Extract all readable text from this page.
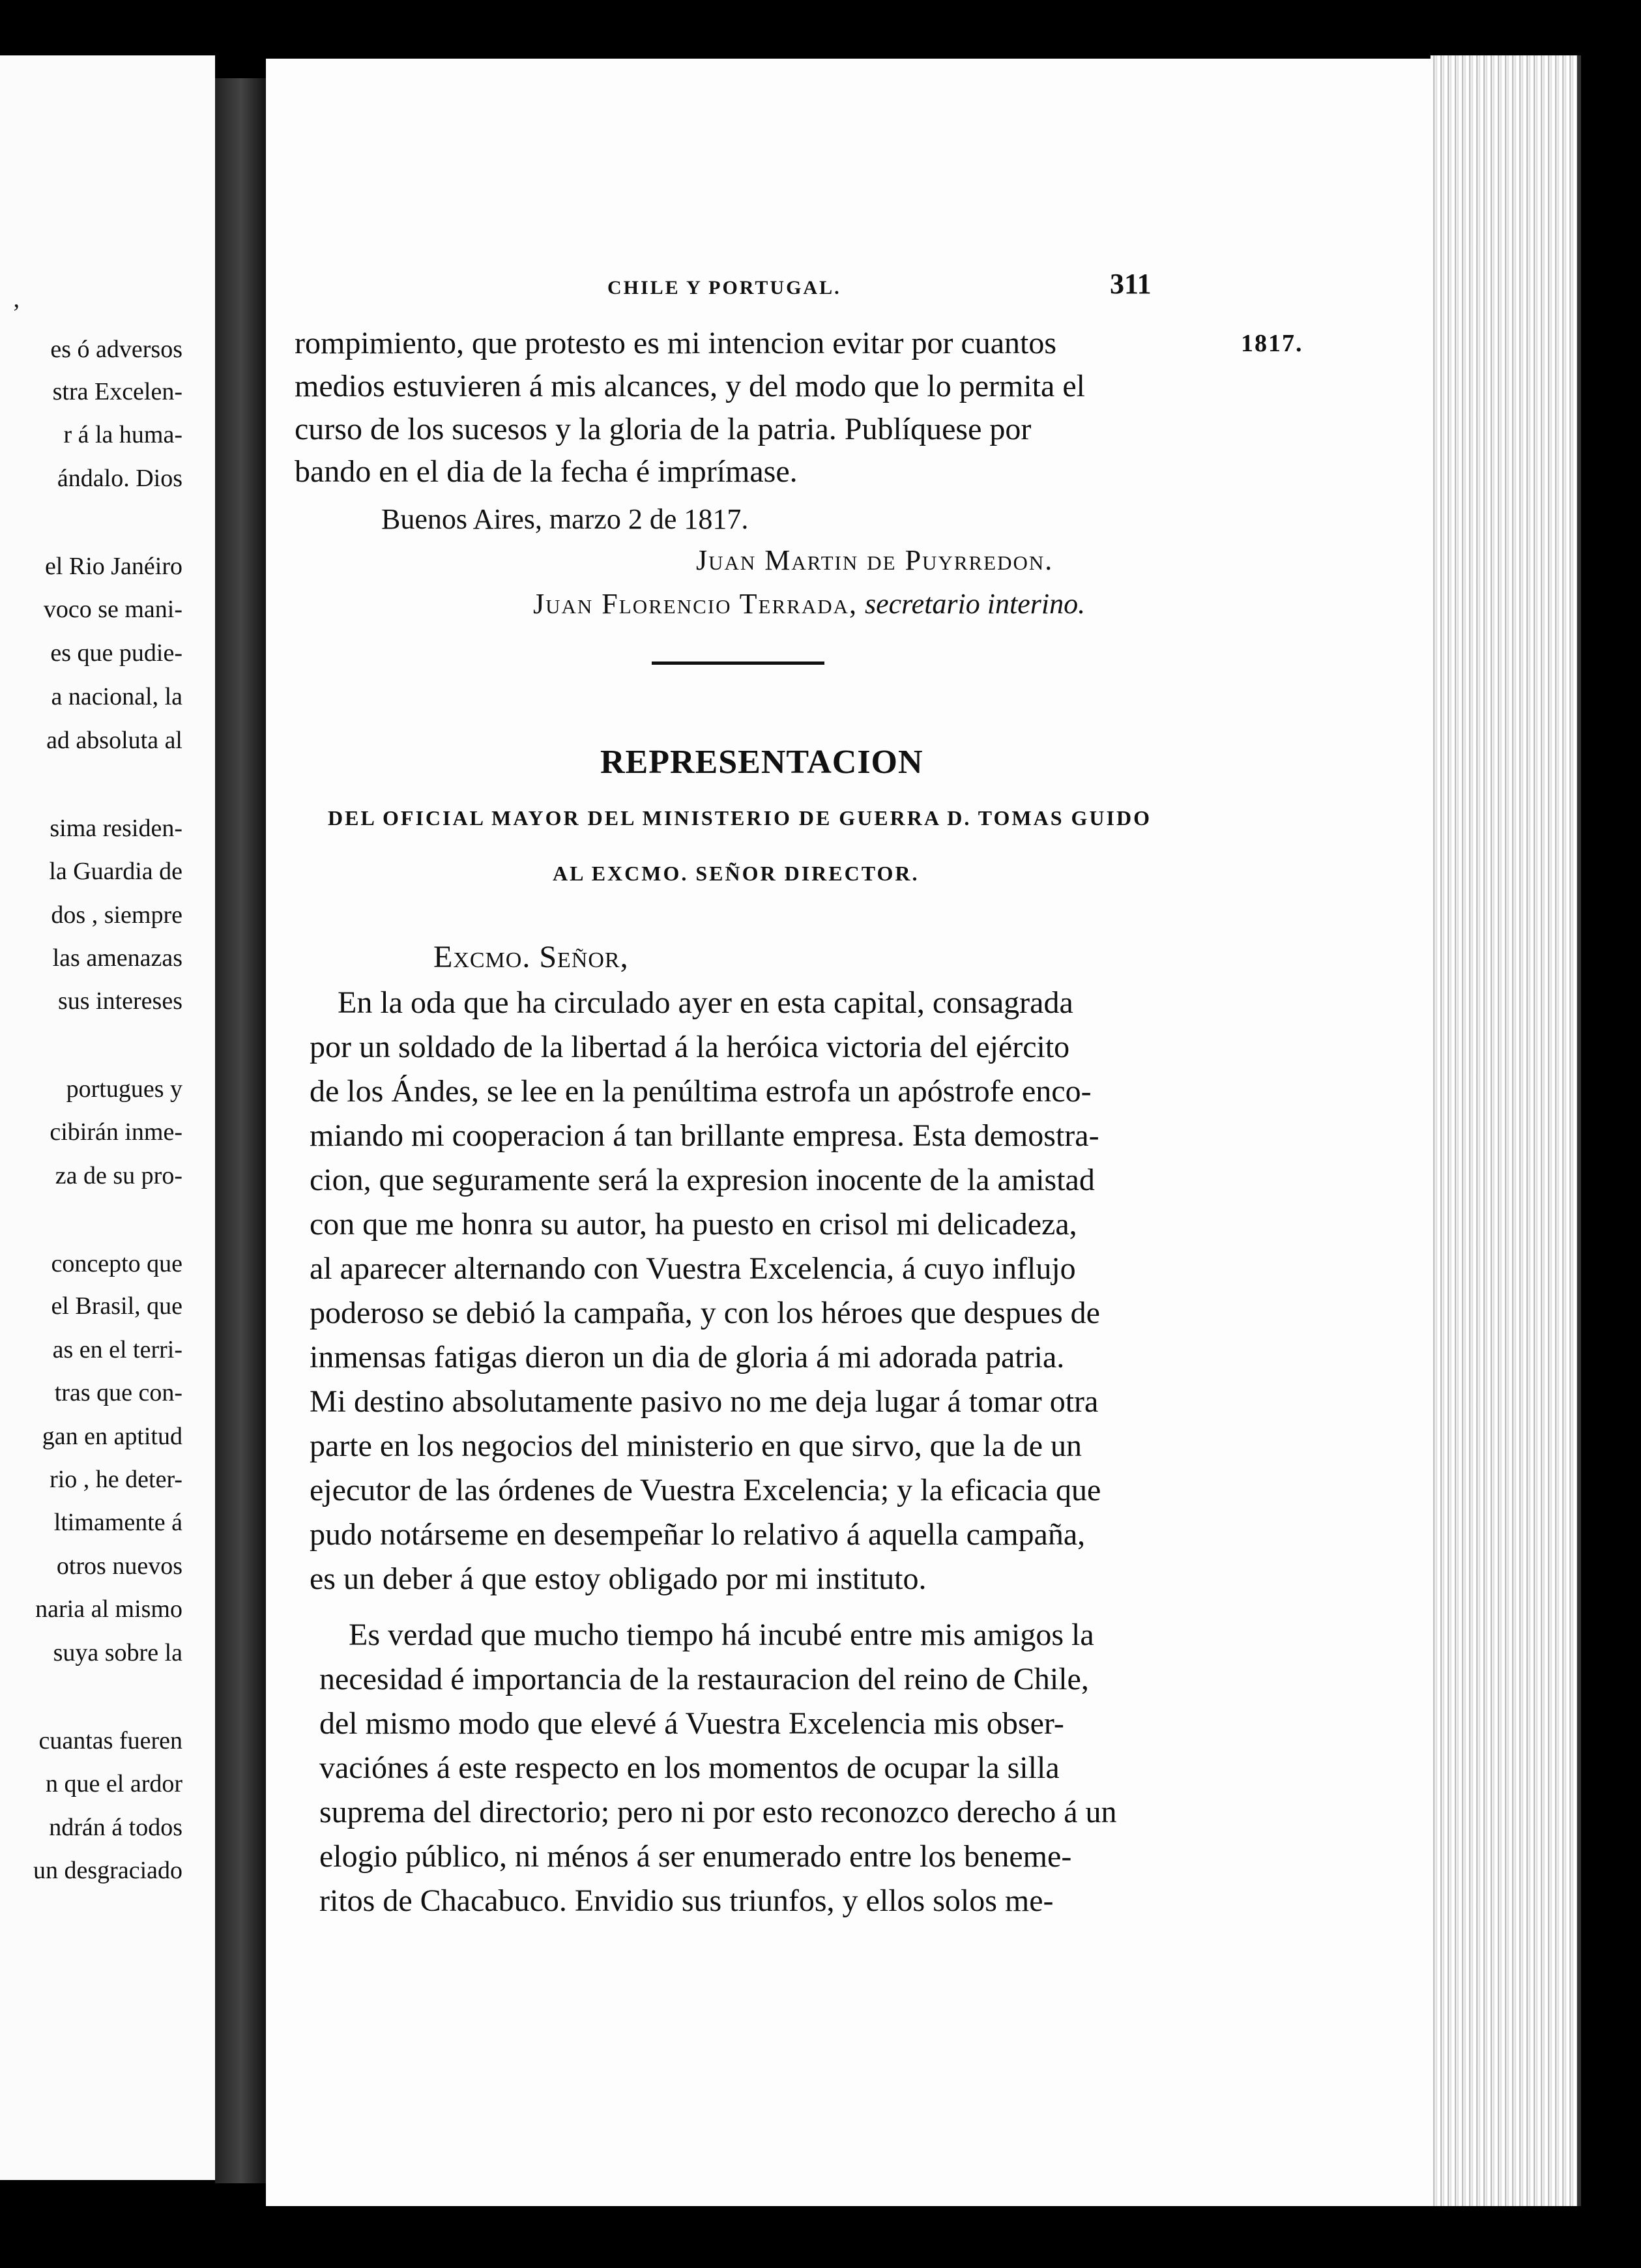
,
es ó adversos
stra Excelen-
r á la huma-
ándalo. Dios
el Rio Janéiro
voco se mani-
es que pudie-
a nacional, la
ad absoluta al
sima residen-
la Guardia de
dos , siempre
las amenazas
sus intereses
portugues y
cibirán inme-
za de su pro-
concepto que
el Brasil, que
as en el terri-
tras que con-
gan en aptitud
rio , he deter-
ltimamente á
otros nuevos
naria al mismo
suya sobre la
cuantas fueren
n que el ardor
ndrán á todos
un desgraciado
CHILE Y PORTUGAL.	311
1817.
rompimiento, que protesto es mi intencion evitar por cuantos
medios estuvieren á mis alcances, y del modo que lo permita el
curso de los sucesos y la gloria de la patria. Publíquese por
bando en el dia de la fecha é imprímase.
Buenos Aires, marzo 2 de 1817.
Juan Martin de Puyrredon.
Juan Florencio Terrada, secretario interino.
REPRESENTACION
DEL OFICIAL MAYOR DEL MINISTERIO DE GUERRA D. TOMAS GUIDO
AL EXCMO. SEÑOR DIRECTOR.
Excmo. Señor,
En la oda que ha circulado ayer en esta capital, consagrada
por un soldado de la libertad á la heróica victoria del ejército
de los Ándes, se lee en la penúltima estrofa un apóstrofe enco-
miando mi cooperacion á tan brillante empresa. Esta demostra-
cion, que seguramente será la expresion inocente de la amistad
con que me honra su autor, ha puesto en crisol mi delicadeza,
al aparecer alternando con Vuestra Excelencia, á cuyo influjo
poderoso se debió la campaña, y con los héroes que despues de
inmensas fatigas dieron un dia de gloria á mi adorada patria.
Mi destino absolutamente pasivo no me deja lugar á tomar otra
parte en los negocios del ministerio en que sirvo, que la de un
ejecutor de las órdenes de Vuestra Excelencia; y la eficacia que
pudo notárseme en desempeñar lo relativo á aquella campaña,
es un deber á que estoy obligado por mi instituto.
Es verdad que mucho tiempo há incubé entre mis amigos la
necesidad é importancia de la restauracion del reino de Chile,
del mismo modo que elevé á Vuestra Excelencia mis obser-
vaciónes á este respecto en los momentos de ocupar la silla
suprema del directorio; pero ni por esto reconozco derecho á un
elogio público, ni ménos á ser enumerado entre los beneme-
ritos de Chacabuco. Envidio sus triunfos, y ellos solos me-
